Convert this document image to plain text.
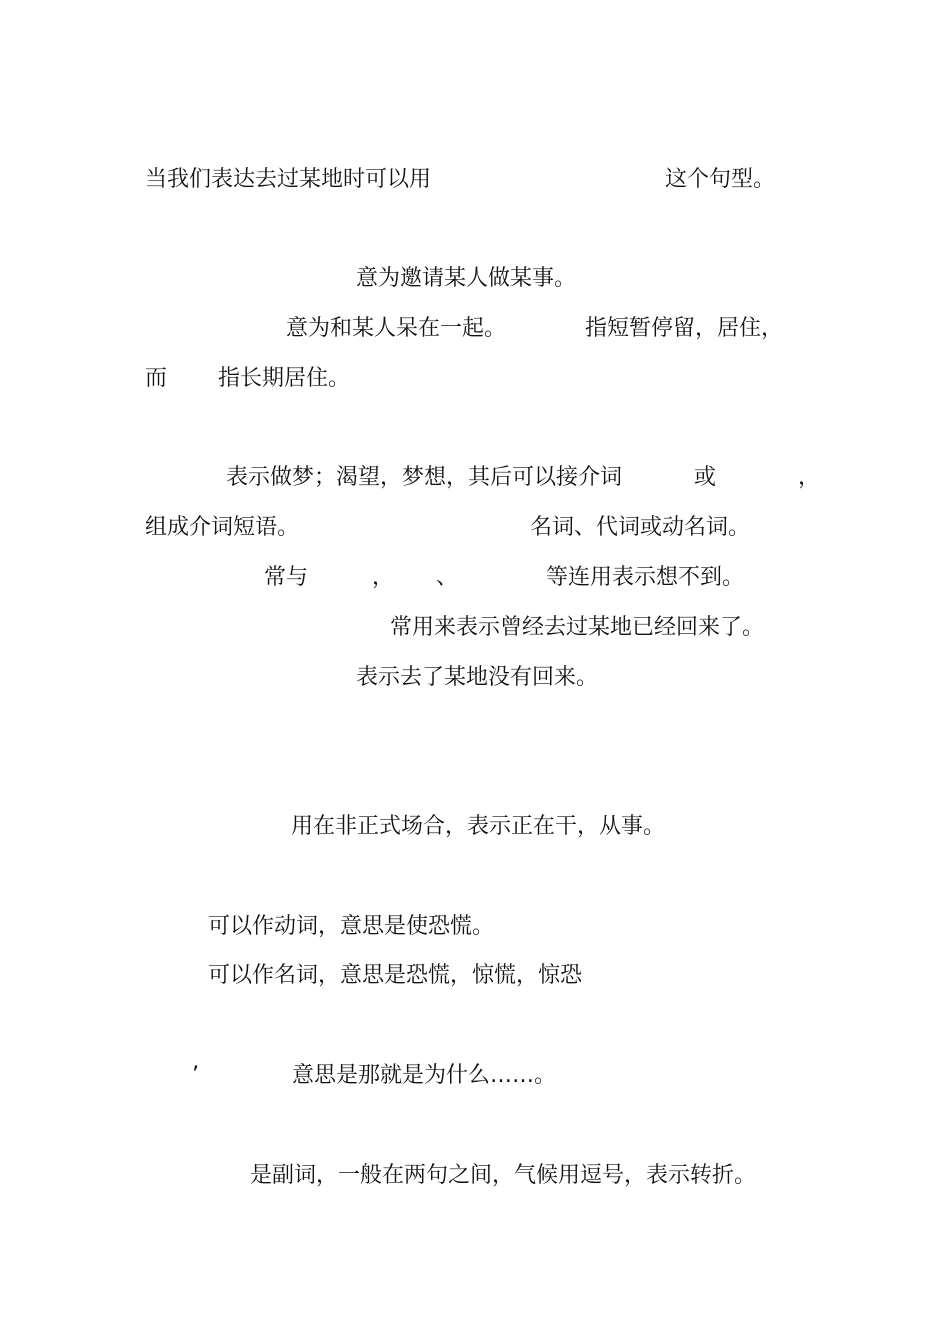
当我们表达去过某地时可以用	这个句型。
意为邀请某人做某事。
意为和某人呆在一起。	指短暂停留，居住，
而 指长期居住。
表示做梦；渴望，梦想，其后可以接介词	或	，
组成介词短语。	名词、代词或动名词。
常与	， 、	等连用表示想不到。
常用来表示曾经去过某地已经回来了。
表示去了某地没有回来。
用在非正式场合，表示正在干，从事。
可以作动词，意思是使恐慌。
可以作名词，意思是恐慌，惊慌，惊恐
’	意思是那就是为什么……。
是副词，一般在两句之间，气候用逗号，表示转折。
